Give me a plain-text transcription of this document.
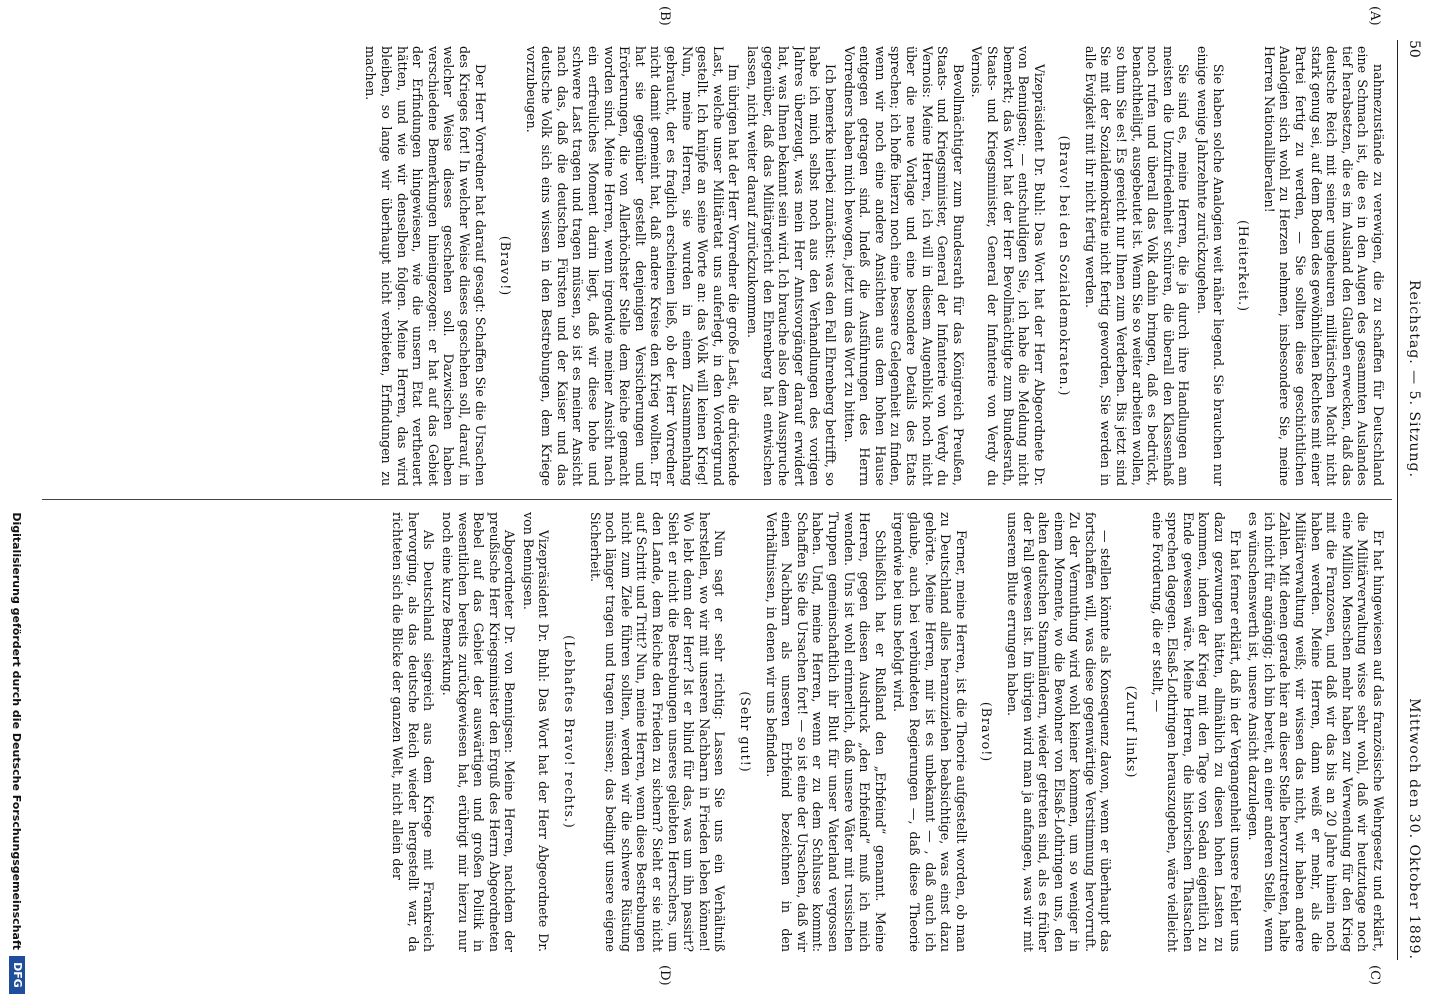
50
Reichstag. — 5. Sitzung.
Mittwoch den 30. Oktober 1889.
(A)
(B)
(C)
(D)

nahmezustände zu verewigen, die zu schaffen für Deutschland eine Schmach ist, die es in den Augen des gesammten Auslandes tief herabsetzen, die es im Ausland den Glauben erwecken, daß das deutsche Reich mit seiner ungeheuren militärischen Macht nicht stark genug sei, auf dem Boden des gewöhnlichen Rechtes mit einer Partei fertig zu werden, — Sie sollten diese geschichtlichen Analogien sich wohl zu Herzen nehmen, insbesondere Sie, meine Herren Nationalliberalen!

(Heiterkeit.)

Sie haben solche Analogien weit näher liegend. Sie brauchen nur einige wenige Jahrzehnte zurückzugehen.

Sie sind es, meine Herren, die ja durch ihre Handlungen am meisten die Unzufriedenheit schüren, die überall den Klassenhaß noch rufen und überall das Volk dahin bringen, daß es bedrückt, benachtheiligt, ausgebeutet ist. Wenn Sie so weiter arbeiten wollen, so thun Sie es! Es gereicht nur Ihnen zum Verderben. Bis jetzt sind Sie mit der Sozialdemokratie nicht fertig geworden, Sie werden in alle Ewigkeit mit ihr nicht fertig werden.

(Bravo! bei den Sozialdemokraten.)

Vizepräsident Dr. Buhl: Das Wort hat der Herr Abgeordnete Dr. von Bennigsen; — entschuldigen Sie, ich habe die Meldung nicht bemerkt; das Wort hat der Herr Bevollmächtigte zum Bundesrath, Staats- und Kriegsminister, General der Infanterie von Verdy du Vernois.

Bevollmächtigter zum Bundesrath für das Königreich Preußen, Staats- und Kriegsminister, General der Infanterie von Verdy du Vernois: Meine Herren, ich will in diesem Augenblick noch nicht über die neue Vorlage und eine besondere Details des Etats sprechen; ich hoffe hierzu noch eine bessere Gelegenheit zu finden, wenn wir noch eine andere Ansichten aus dem hohen Hause entgegen getragen sind. Indeß die Ausführungen des Herrn Vorredners haben mich bewogen, jetzt um das Wort zu bitten.

Ich bemerke hierbei zunächst: was den Fall Ehrenberg betrifft, so habe ich mich selbst noch aus den Verhandlungen des vorigen Jahres überzeugt, was mein Herr Amtsvorgänger darauf erwidert hat, was Ihnen bekannt sein wird. Ich brauche also dem Ausspruche gegenüber, daß das Militärgericht den Ehrenberg hat entwischen lassen, nicht weiter darauf zurückzukommen.

Im übrigen hat der Herr Vorredner die große Last, die drückende Last, welche unser Militäretat uns auferlegt, in den Vordergrund gestellt. Ich knüpfe an seine Worte an: das Volk will keinen Krieg! Nun, meine Herren, sie wurden in einem Zusammenhang gebraucht, der es fraglich erscheinen ließ, ob der Herr Vorredner nicht damit gemeint hat, daß andere Kreise den Krieg wollten. Er hat sie gegenüber gestellt denjenigen Versicherungen und Erörterungen, die von Allerhöchster Stelle dem Reiche gemacht worden sind. Meine Herren, wenn irgendwie meiner Ansicht nach ein erfreuliches Moment darin liegt, daß wir diese hohe und schwere Last tragen und tragen müssen, so ist es meiner Ansicht nach das, daß die deutschen Fürsten und der Kaiser und das deutsche Volk sich eins wissen in den Bestrebungen, dem Kriege vorzubeugen.

(Bravo!)

Der Herr Vorredner hat darauf gesagt: Schaffen Sie die Ursachen des Krieges fort! In welcher Weise dieses geschehen soll, darauf, in welcher Weise dieses geschehen soll. Dazwischen haben verschiedene Bemerkungen hineingezogen: er hat auf das Gebiet der Erfindungen hingewiesen, wie die unsern Etat vertheuert hätten, und wie wir denselben folgen. Meine Herren, das wird bleiben, so lange wir überhaupt nicht verbieten, Erfindungen zu machen.

Er hat hingewiesen auf das französische Wehrgesetz und erklärt, die Militärverwaltung wisse sehr wohl, daß wir heutzutage noch eine Million Menschen mehr haben zur Verwendung für den Krieg mit die Franzosen, und daß wir das bis an 20 Jahre hinein noch haben werden. Meine Herren, dann weiß er mehr, als die Militärverwaltung weiß; wir wissen das nicht, wir haben andere Zahlen. Mit denen gerade hier an dieser Stelle hervorzutreten, halte ich nicht für angängig; ich bin bereit, an einer anderen Stelle, wenn es wünschenswerth ist, unsere Ansicht darzulegen.

Er hat ferner erklärt, daß in der Vergangenheit unsere Fehler uns dazu gezwungen hätten, allmählich zu diesen hohen Lasten zu kommen, indem der Krieg mit den Tage von Sedan eigentlich zu Ende gewesen wäre. Meine Herren, die historischen Thatsachen sprechen dagegen. Elsaß-Lothringen herauszugeben, wäre vielleicht eine Forderung, die er stellt, —

(Zuruf links)

— stellen könnte als Konsequenz davon, wenn er überhaupt das fortschaffen will, was diese gegenwärtige Verstimmung hervorruft. Zu der Vermuthung wird wohl keiner kommen, um so weniger in einem Momente, wo die Bewohner von Elsaß-Lothringen uns, den alten deutschen Stammländern, wieder getreten sind, als es früher der Fall gewesen ist. Im übrigen wird man ja anfangen, was wir mit unserem Blute errungen haben.

(Bravo!)

Ferner, meine Herren, ist die Theorie aufgestellt worden, ob man zu Deutschland alles heranzuziehen beabsichtige, was einst dazu gehörte. Meine Herren, mir ist es unbekannt — , daß auch ich glaube, auch bei verbündeten Regierungen —, daß diese Theorie irgendwie bei uns befolgt wird.

Schließlich hat er Rußland den „Erbfeind“ genannt. Meine Herren, gegen diesen Ausdruck „den Erbfeind“ muß ich mich wenden. Uns ist wohl erinnerlich, daß unsere Väter mit russischen Truppen gemeinschaftlich ihr Blut für unser Vaterland vergossen haben. Und, meine Herren, wenn er zu dem Schlusse kommt: Schaffen Sie die Ursachen fort! — so ist eine der Ursachen, daß wir einen Nachbarn als unseren Erbfeind bezeichnen in den Verhältnissen, in denen wir uns befinden.

(Sehr gut!)

Nun sagt er sehr richtig: Lassen Sie uns ein Verhältniß herstellen, wo wir mit unseren Nachbarn in Frieden leben können! Wo lebt denn der Herr? Ist er blind für das, was um ihn passirt? Sieht er nicht die Bestrebungen unseres geliebten Herrschers, um den Lande, dem Reiche den Frieden zu sichern? Sieht er sie nicht auf Schritt und Tritt? Nun, meine Herren, wenn diese Bestrebungen nicht zum Ziele führen sollten, werden wir die schwere Rüstung noch länger tragen und tragen müssen; das bedingt unsere eigene Sicherheit.

(Lebhaftes Bravo! rechts.)

Vizepräsident Dr. Buhl: Das Wort hat der Herr Abgeordnete Dr. von Bennigsen.

Abgeordneter Dr. von Bennigsen: Meine Herren, nachdem der preußische Herr Kriegsminister den Erguß des Herrn Abgeordneten Bebel auf das Gebiet der auswärtigen und großen Politik in wesentlichen bereits zurückgewiesen hat, erübrigt mir hierzu nur noch eine kurze Bemerkung.

Als Deutschland siegreich aus dem Kriege mit Frankreich hervorging, als das deutsche Reich wieder hergestellt war, da richteten sich die Blicke der ganzen Welt, nicht allein der

Digitalisierung gefördert durch die Deutsche Forschungsgemeinschaft
DFG
